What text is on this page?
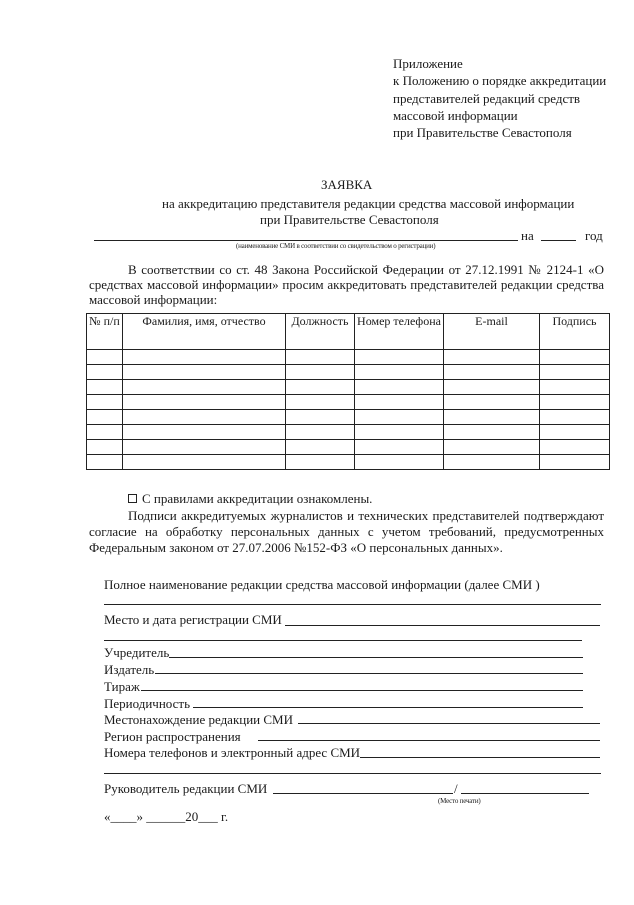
Приложение
к Положению о порядке аккредитации
представителей редакций средств
массовой информации
при Правительстве Севастополя
ЗАЯВКА
на аккредитацию представителя редакции средства массовой информации
при Правительстве Севастополя
на	год
(наименование СМИ в соответствии со свидетельством о регистрации)
В соответствии со ст. 48 Закона Российской Федерации от 27.12.1991 № 2124-1 «О
средствах массовой информации» просим аккредитовать представителей редакции средства
массовой информации:
№ п/п	Фамилия, имя, отчество	Должность	Номер телефона	E-mail	Подпись

С правилами аккредитации ознакомлены.
Подписи аккредитуемых журналистов и технических представителей подтверждают
согласие на обработку персональных данных с учетом требований, предусмотренных
Федеральным законом от 27.07.2006 №152-ФЗ «О персональных данных».
Полное наименование редакции средства массовой информации (далее СМИ )
Место и дата регистрации СМИ
Учредитель
Издатель
Тираж
Периодичность
Местонахождение редакции СМИ
Регион распространения
Номера телефонов и электронный адрес СМИ
Руководитель редакции СМИ	/
(Место печати)
«____» ______20___ г.
